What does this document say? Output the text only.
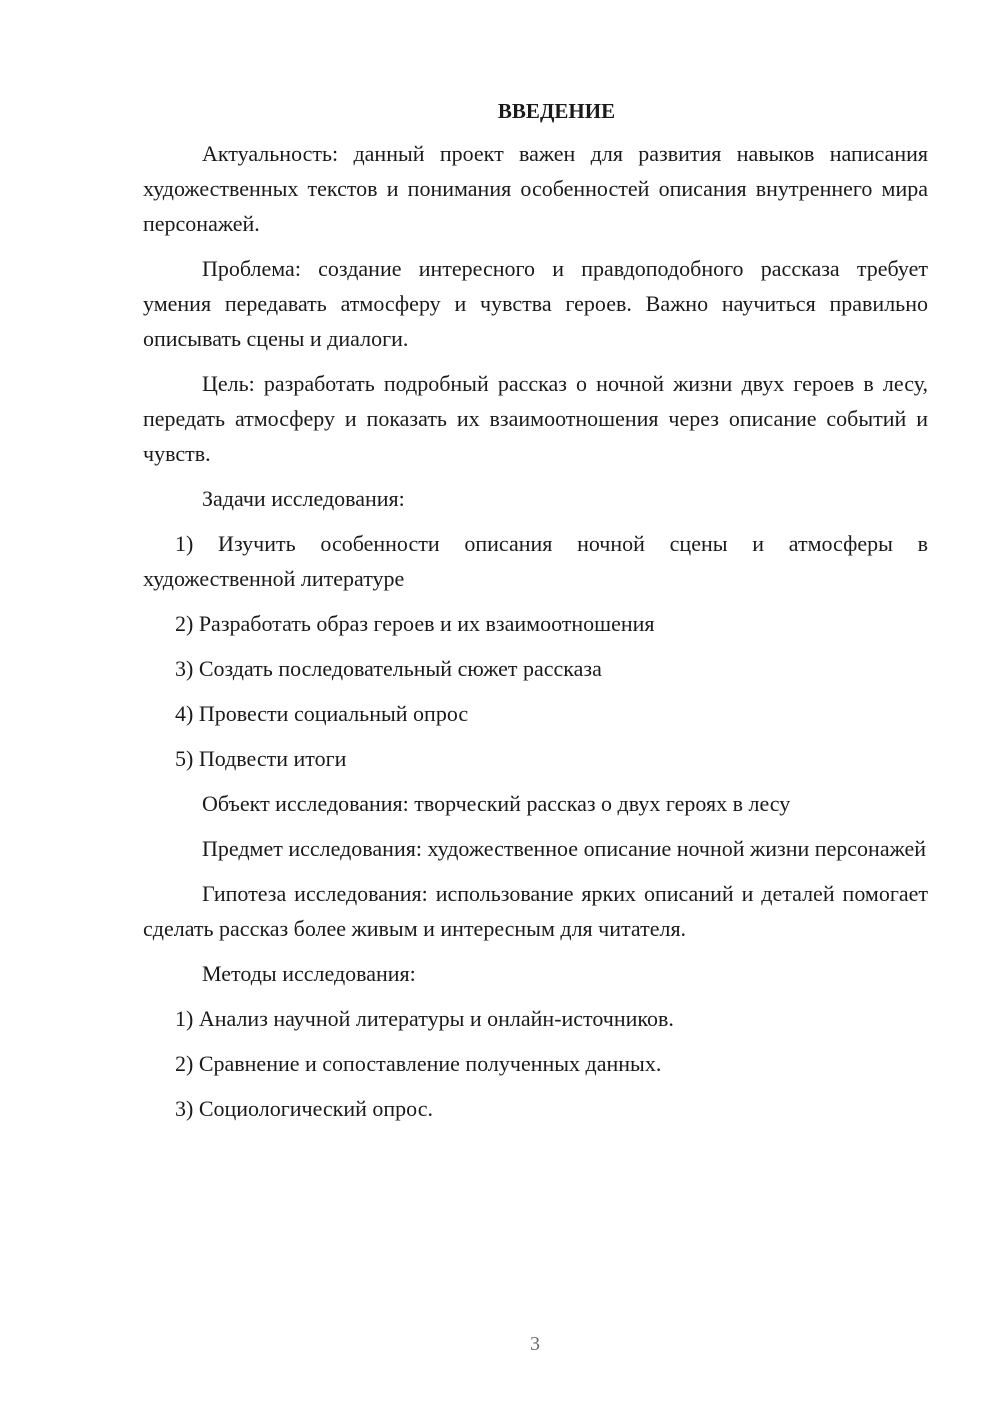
ВВЕДЕНИЕ

Актуальность: данный проект важен для развития навыков написания художественных текстов и понимания особенностей описания внутреннего мира персонажей.

Проблема: создание интересного и правдоподобного рассказа требует умения передавать атмосферу и чувства героев. Важно научиться правильно описывать сцены и диалоги.

Цель: разработать подробный рассказ о ночной жизни двух героев в лесу, передать атмосферу и показать их взаимоотношения через описание событий и чувств.

Задачи исследования:

1) Изучить особенности описания ночной сцены и атмосферы в художественной литературе

2) Разработать образ героев и их взаимоотношения

3) Создать последовательный сюжет рассказа

4) Провести социальный опрос

5) Подвести итоги

Объект исследования: творческий рассказ о двух героях в лесу

Предмет исследования: художественное описание ночной жизни персонажей

Гипотеза исследования: использование ярких описаний и деталей помогает сделать рассказ более живым и интересным для читателя.

Методы исследования:

1) Анализ научной литературы и онлайн-источников.

2) Сравнение и сопоставление полученных данных.

3) Социологический опрос.

3
